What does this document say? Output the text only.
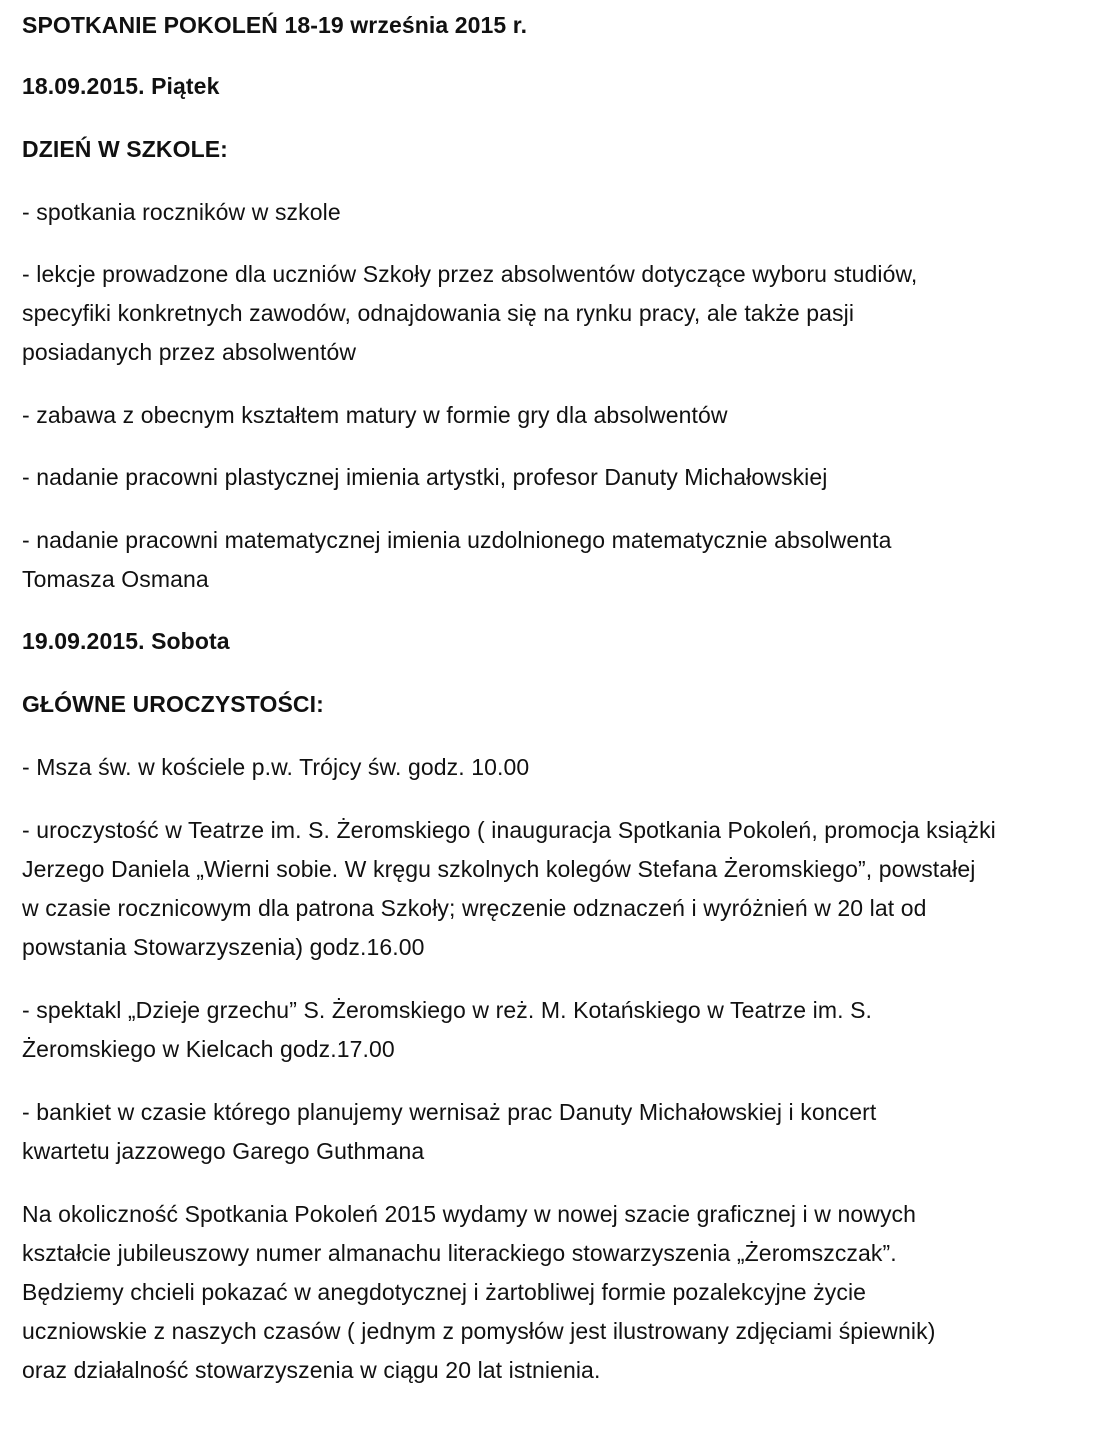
SPOTKANIE POKOLEŃ 18-19 września 2015 r.
18.09.2015. Piątek
DZIEŃ W SZKOLE:
- spotkania roczników w szkole
- lekcje prowadzone dla uczniów Szkoły przez absolwentów dotyczące wyboru studiów,
specyfiki konkretnych zawodów, odnajdowania się na rynku pracy, ale także pasji
posiadanych przez absolwentów
- zabawa z obecnym kształtem matury w formie gry dla absolwentów
- nadanie pracowni plastycznej imienia artystki, profesor Danuty Michałowskiej
- nadanie pracowni matematycznej imienia uzdolnionego matematycznie absolwenta
Tomasza Osmana
19.09.2015. Sobota
GŁÓWNE UROCZYSTOŚCI:
- Msza św. w kościele p.w. Trójcy św. godz. 10.00
- uroczystość w Teatrze im. S. Żeromskiego ( inauguracja Spotkania Pokoleń, promocja książki
Jerzego Daniela „Wierni sobie. W kręgu szkolnych kolegów Stefana Żeromskiego”, powstałej
w czasie rocznicowym dla patrona Szkoły; wręczenie odznaczeń i wyróżnień w 20 lat od
powstania Stowarzyszenia) godz.16.00
- spektakl „Dzieje grzechu” S. Żeromskiego w reż. M. Kotańskiego w Teatrze im. S.
Żeromskiego w Kielcach godz.17.00
- bankiet w czasie którego planujemy wernisaż prac Danuty Michałowskiej i koncert
kwartetu jazzowego Garego Guthmana
Na okoliczność Spotkania Pokoleń 2015 wydamy w nowej szacie graficznej i w nowych
kształcie jubileuszowy numer almanachu literackiego stowarzyszenia „Żeromszczak”.
Będziemy chcieli pokazać w anegdotycznej i żartobliwej formie pozalekcyjne życie
uczniowskie z naszych czasów ( jednym z pomysłów jest ilustrowany zdjęciami śpiewnik)
oraz działalność stowarzyszenia w ciągu 20 lat istnienia.
